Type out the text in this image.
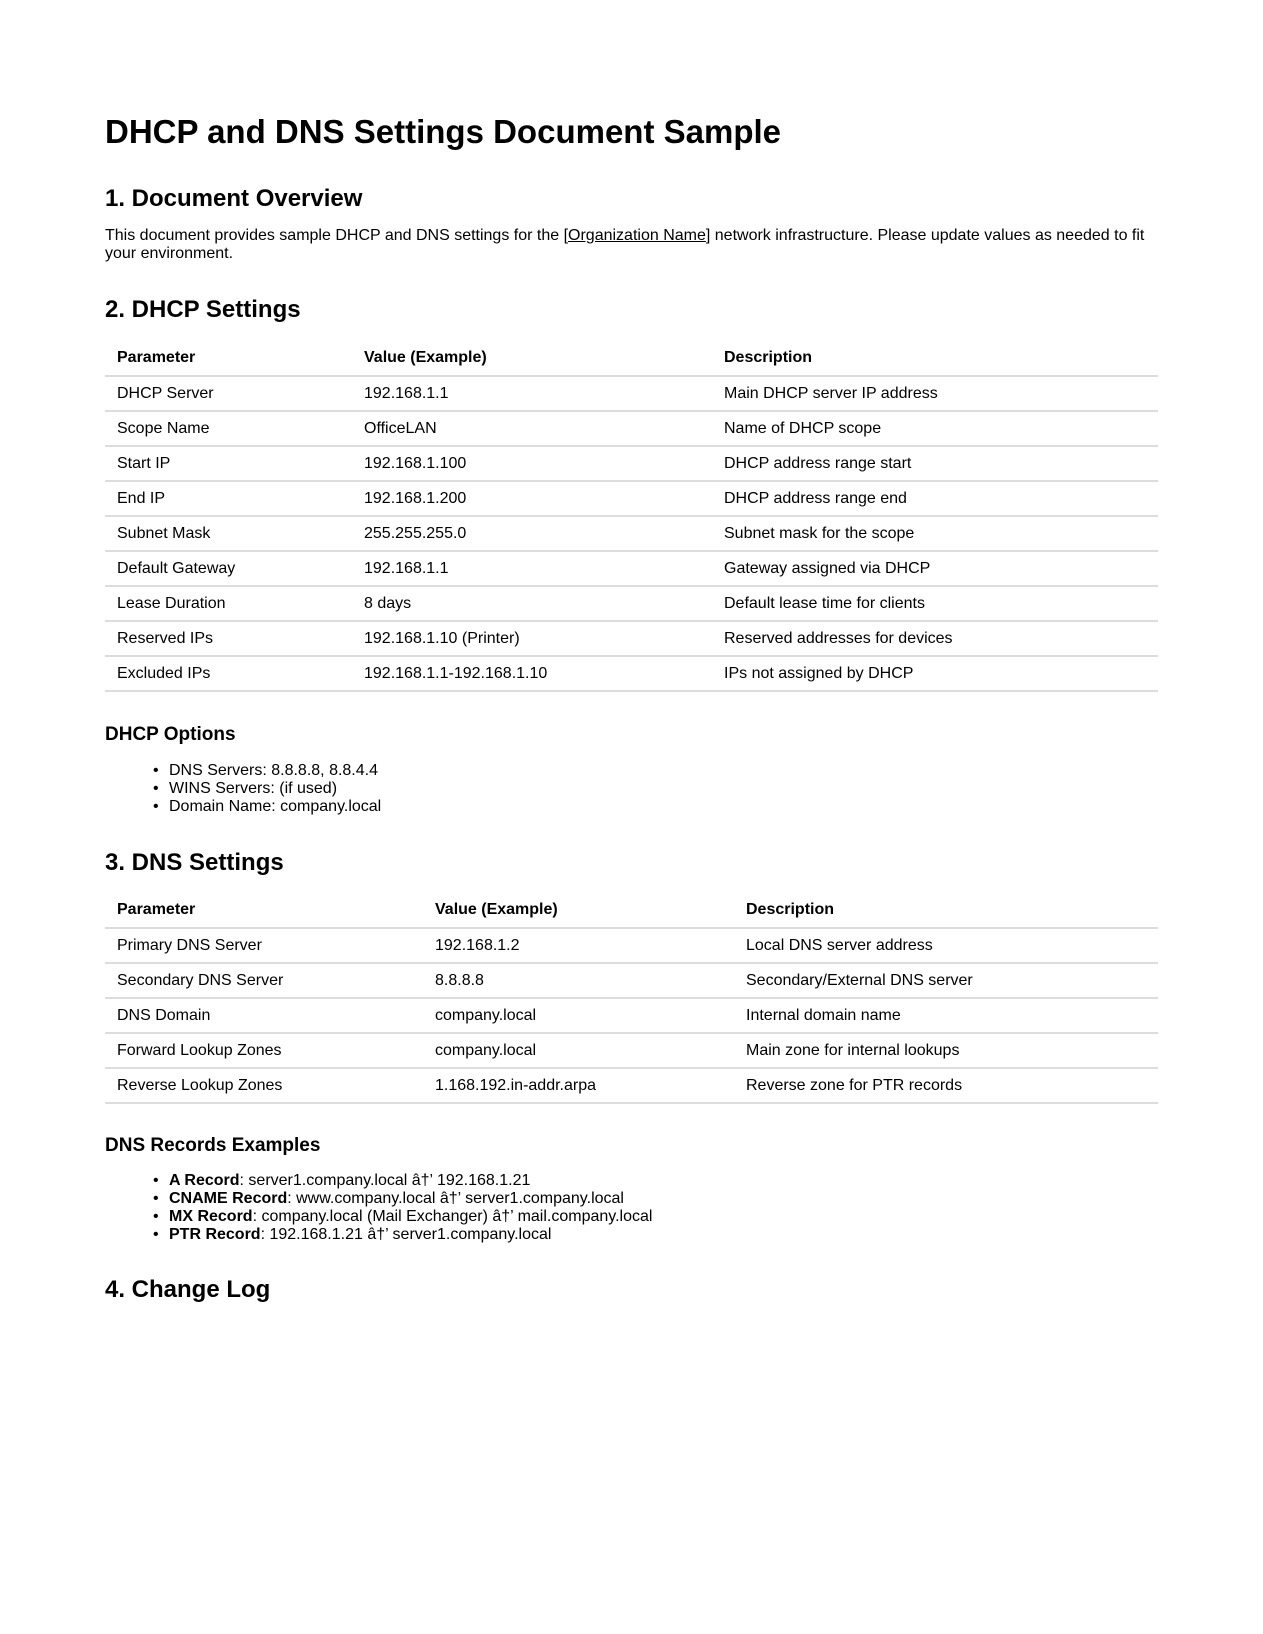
DHCP and DNS Settings Document Sample
1. Document Overview

This document provides sample DHCP and DNS settings for the [Organization Name] network infrastructure. Please update values as needed to fit your environment.

2. DHCP Settings
Parameter	Value (Example)	Description
DHCP Server	192.168.1.1	Main DHCP server IP address
Scope Name	OfficeLAN	Name of DHCP scope
Start IP	192.168.1.100	DHCP address range start
End IP	192.168.1.200	DHCP address range end
Subnet Mask	255.255.255.0	Subnet mask for the scope
Default Gateway	192.168.1.1	Gateway assigned via DHCP
Lease Duration	8 days	Default lease time for clients
Reserved IPs	192.168.1.10 (Printer)	Reserved addresses for devices
Excluded IPs	192.168.1.1-192.168.1.10	IPs not assigned by DHCP
DHCP Options
• DNS Servers: 8.8.8.8, 8.8.4.4
• WINS Servers: (if used)
• Domain Name: company.local
3. DNS Settings
Parameter	Value (Example)	Description
Primary DNS Server	192.168.1.2	Local DNS server address
Secondary DNS Server	8.8.8.8	Secondary/External DNS server
DNS Domain	company.local	Internal domain name
Forward Lookup Zones	company.local	Main zone for internal lookups
Reverse Lookup Zones	1.168.192.in-addr.arpa	Reverse zone for PTR records
DNS Records Examples
• A Record: server1.company.local â†’ 192.168.1.21
• CNAME Record: www.company.local â†’ server1.company.local
• MX Record: company.local (Mail Exchanger) â†’ mail.company.local
• PTR Record: 192.168.1.21 â†’ server1.company.local
4. Change Log
